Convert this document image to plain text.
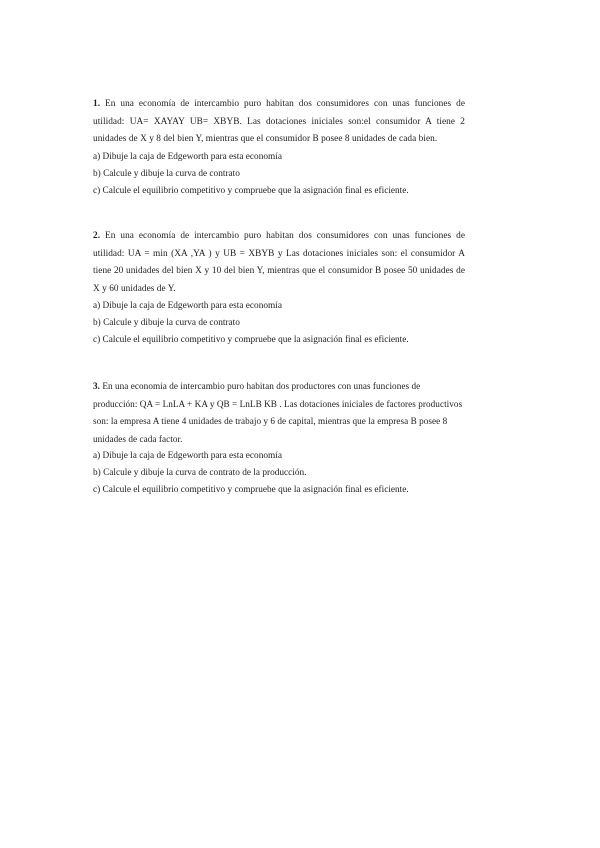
1. En una economía de intercambio puro habitan dos consumidores con unas funciones de utilidad: UA= XAYAY UB= XBYB. Las dotaciones iniciales son:el consumidor A tiene 2 unidades de X y 8 del bien Y, mientras que el consumidor B posee 8 unidades de cada bien.

a) Dibuje la caja de Edgeworth para esta economía

b) Calcule y dibuje la curva de contrato

c) Calcule el equilibrio competitivo y compruebe que la asignación final es eficiente.

2. En una economía de intercambio puro habitan dos consumidores con unas funciones de utilidad: UA = min (XA ,YA ) y UB = XBYB y Las dotaciones iniciales son: el consumidor A tiene 20 unidades del bien X y 10 del bien Y, mientras que el consumidor B posee 50 unidades de X y 60 unidades de Y.

a) Dibuje la caja de Edgeworth para esta economía

b) Calcule y dibuje la curva de contrato

c) Calcule el equilibrio competitivo y compruebe que la asignación final es eficiente.

3. En una economía de intercambio puro habitan dos productores con unas funciones de producción: QA = LnLA + KA y QB = LnLB KB . Las dotaciones iniciales de factores productivos son: la empresa A tiene 4 unidades de trabajo y 6 de capital, mientras que la empresa B posee 8 unidades de cada factor.

a) Dibuje la caja de Edgeworth para esta economía

b) Calcule y dibuje la curva de contrato de la producción.

c) Calcule el equilibrio competitivo y compruebe que la asignación final es eficiente.
